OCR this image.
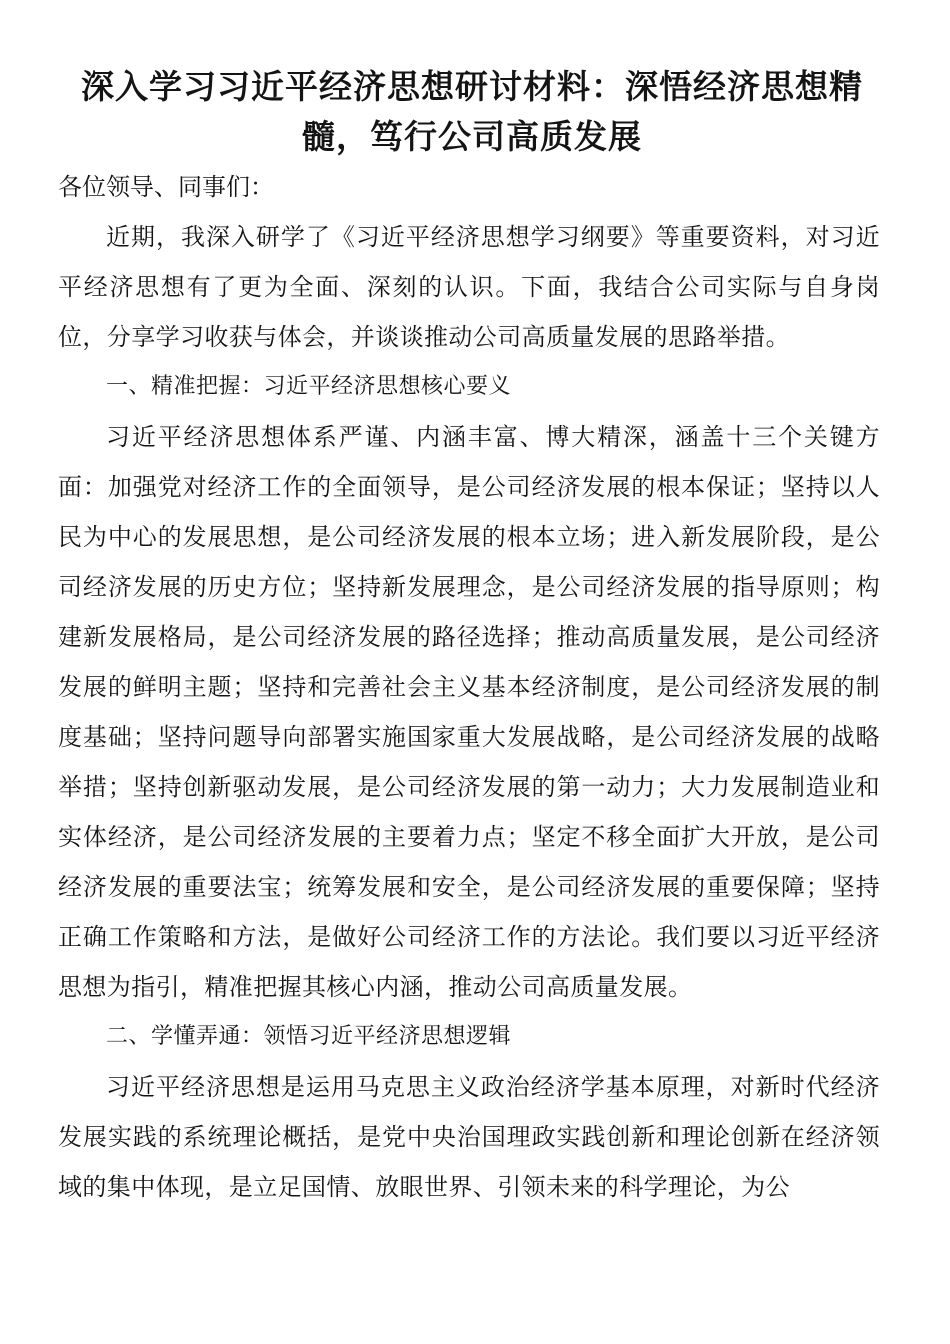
深入学习习近平经济思想研讨材料：深悟经济思想精髓，笃行公司高质发展

各位领导、同事们：

近期，我深入研学了《习近平经济思想学习纲要》等重要资料，对习近平经济思想有了更为全面、深刻的认识。下面，我结合公司实际与自身岗位，分享学习收获与体会，并谈谈推动公司高质量发展的思路举措。

一、精准把握：习近平经济思想核心要义

习近平经济思想体系严谨、内涵丰富、博大精深，涵盖十三个关键方面：加强党对经济工作的全面领导，是公司经济发展的根本保证；坚持以人民为中心的发展思想，是公司经济发展的根本立场；进入新发展阶段，是公司经济发展的历史方位；坚持新发展理念，是公司经济发展的指导原则；构建新发展格局，是公司经济发展的路径选择；推动高质量发展，是公司经济发展的鲜明主题；坚持和完善社会主义基本经济制度，是公司经济发展的制度基础；坚持问题导向部署实施国家重大发展战略，是公司经济发展的战略举措；坚持创新驱动发展，是公司经济发展的第一动力；大力发展制造业和实体经济，是公司经济发展的主要着力点；坚定不移全面扩大开放，是公司经济发展的重要法宝；统筹发展和安全，是公司经济发展的重要保障；坚持正确工作策略和方法，是做好公司经济工作的方法论。我们要以习近平经济思想为指引，精准把握其核心内涵，推动公司高质量发展。

二、学懂弄通：领悟习近平经济思想逻辑

习近平经济思想是运用马克思主义政治经济学基本原理，对新时代经济发展实践的系统理论概括，是党中央治国理政实践创新和理论创新在经济领域的集中体现，是立足国情、放眼世界、引领未来的科学理论，为公
